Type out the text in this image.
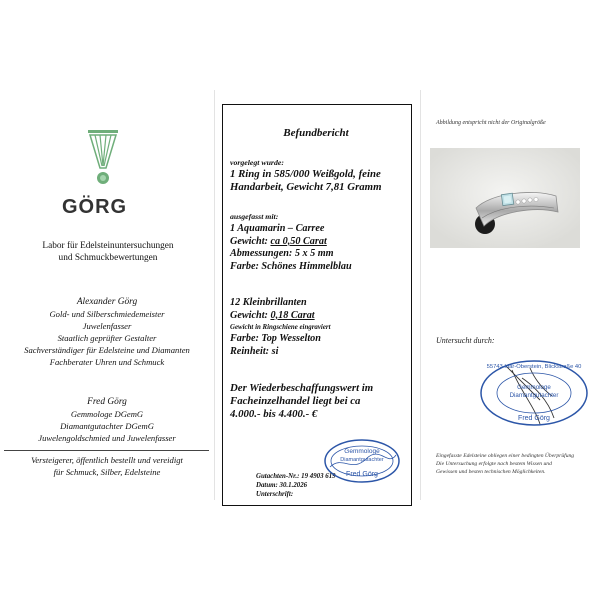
GÖRG
Labor für Edelsteinuntersuchungen
und Schmuckbewertungen
Alexander Görg
Gold- und Silberschmiedemeister
Juwelenfasser
Staatlich geprüfter Gestalter
Sachverständiger für Edelsteine und Diamanten
Fachberater Uhren und Schmuck
Fred Görg
Gemmologe DGemG
Diamantgutachter DGemG
Juwelengoldschmied und Juwelenfasser
Versteigerer, öffentlich bestellt und vereidigt
für Schmuck, Silber, Edelsteine
Befundbericht
vorgelegt wurde:
1 Ring in 585/000 Weißgold, feine
Handarbeit, Gewicht 7,81 Gramm
ausgefasst mit:
1 Aquamarin – Carree
Gewicht: ca 0,50 Carat
Abmessungen: 5 x 5 mm
Farbe: Schönes Himmelblau
12 Kleinbrillanten
Gewicht: 0,18 Carat
Gewicht in Ringschiene eingraviert
Farbe: Top Wesselton
Reinheit: si
Der Wiederbeschaffungswert im
Facheinzelhandel liegt bei ca
4.000.- bis 4.400.- €
Gutachten-Nr.: 19 4903 619
Datum: 30.1.2026
Unterschrift:
Gemmologe
Diamantgutachter
Fred Görg
Abbildung entspricht nicht der Originalgröße
Untersucht durch:
55743 Idar-Oberstein, Blickstraße 40
Gemmologe
Diamantgutachter
Fred Görg
Eingefasste Edelsteine obliegen einer bedingten Überprüfung
Die Untersuchung erfolgte nach bestem Wissen und
Gewissen und besten technischen Möglichkeiten.
